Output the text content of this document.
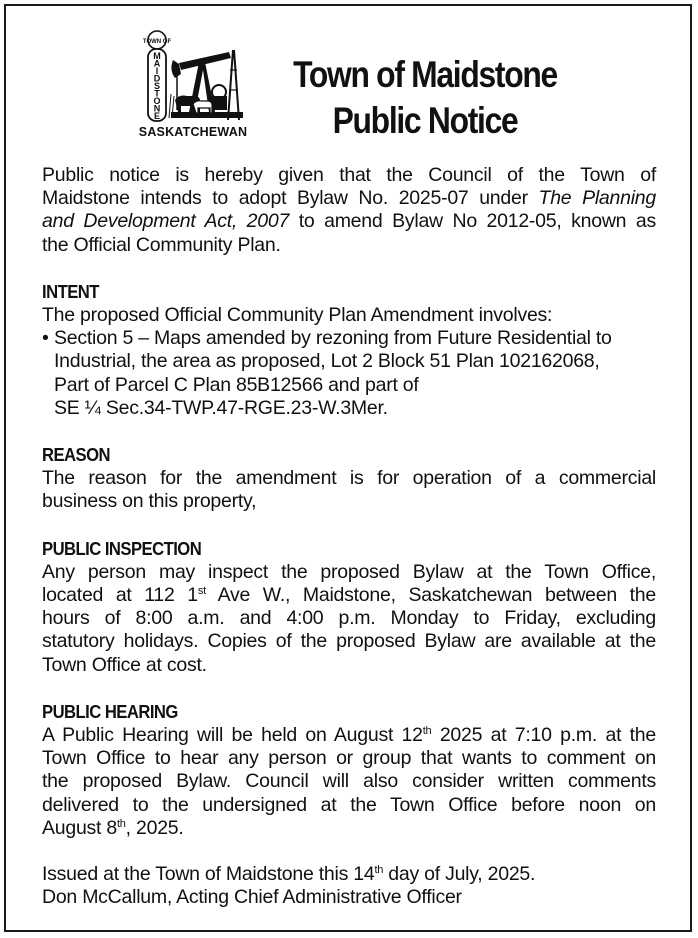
TOWN OF
M
A
I
D
S
T
O
N
E
SASKATCHEWAN
Town of Maidstone
Public Notice
Public notice is hereby given that the Council of the Town of
Maidstone intends to adopt Bylaw No. 2025-07 under The Planning
and Development Act, 2007 to amend Bylaw No 2012-05, known as
the Official Community Plan.
INTENT
The proposed Official Community Plan Amendment involves:
• Section 5 – Maps amended by rezoning from Future Residential to
Industrial, the area as proposed, Lot 2 Block 51 Plan 102162068,
Part of Parcel C Plan 85B12566 and part of
SE ¼ Sec.34-TWP.47-RGE.23-W.3Mer.
REASON
The reason for the amendment is for operation of a commercial
business on this property,
PUBLIC INSPECTION
Any person may inspect the proposed Bylaw at the Town Office,
located at 112 1st Ave W., Maidstone, Saskatchewan between the
hours of 8:00 a.m. and 4:00 p.m. Monday to Friday, excluding
statutory holidays. Copies of the proposed Bylaw are available at the
Town Office at cost.
PUBLIC HEARING
A Public Hearing will be held on August 12th 2025 at 7:10 p.m. at the
Town Office to hear any person or group that wants to comment on
the proposed Bylaw. Council will also consider written comments
delivered to the undersigned at the Town Office before noon on
August 8th, 2025.
Issued at the Town of Maidstone this 14th day of July, 2025.
Don McCallum, Acting Chief Administrative Officer
